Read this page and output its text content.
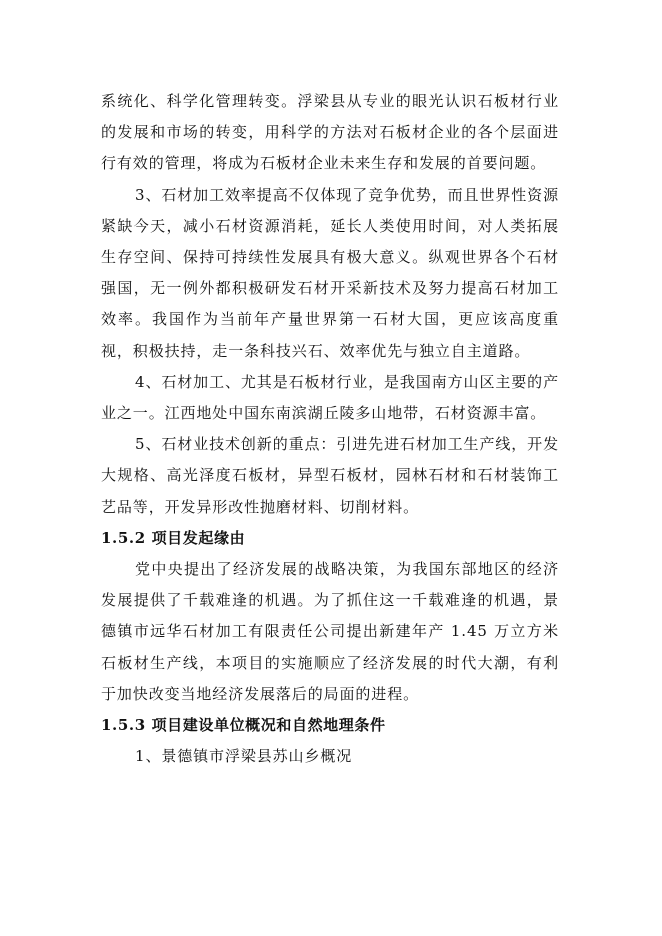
系统化、科学化管理转变。浮梁县从专业的眼光认识石板材行业的发展和市场的转变，用科学的方法对石板材企业的各个层面进行有效的管理，将成为石板材企业未来生存和发展的首要问题。

3、石材加工效率提高不仅体现了竞争优势，而且世界性资源紧缺今天，减小石材资源消耗，延长人类使用时间，对人类拓展生存空间、保持可持续性发展具有极大意义。纵观世界各个石材强国，无一例外都积极研发石材开采新技术及努力提高石材加工效率。我国作为当前年产量世界第一石材大国，更应该高度重视，积极扶持，走一条科技兴石、效率优先与独立自主道路。

4、石材加工、尤其是石板材行业，是我国南方山区主要的产业之一。江西地处中国东南滨湖丘陵多山地带，石材资源丰富。

5、石材业技术创新的重点：引进先进石材加工生产线，开发大规格、高光泽度石板材，异型石板材，园林石材和石材装饰工艺品等，开发异形改性抛磨材料、切削材料。

1.5.2 项目发起缘由

党中央提出了经济发展的战略决策，为我国东部地区的经济发展提供了千载难逢的机遇。为了抓住这一千载难逢的机遇，景德镇市远华石材加工有限责任公司提出新建年产 1.45 万立方米石板材生产线，本项目的实施顺应了经济发展的时代大潮，有利于加快改变当地经济发展落后的局面的进程。

1.5.3 项目建设单位概况和自然地理条件

1、景德镇市浮梁县苏山乡概况
